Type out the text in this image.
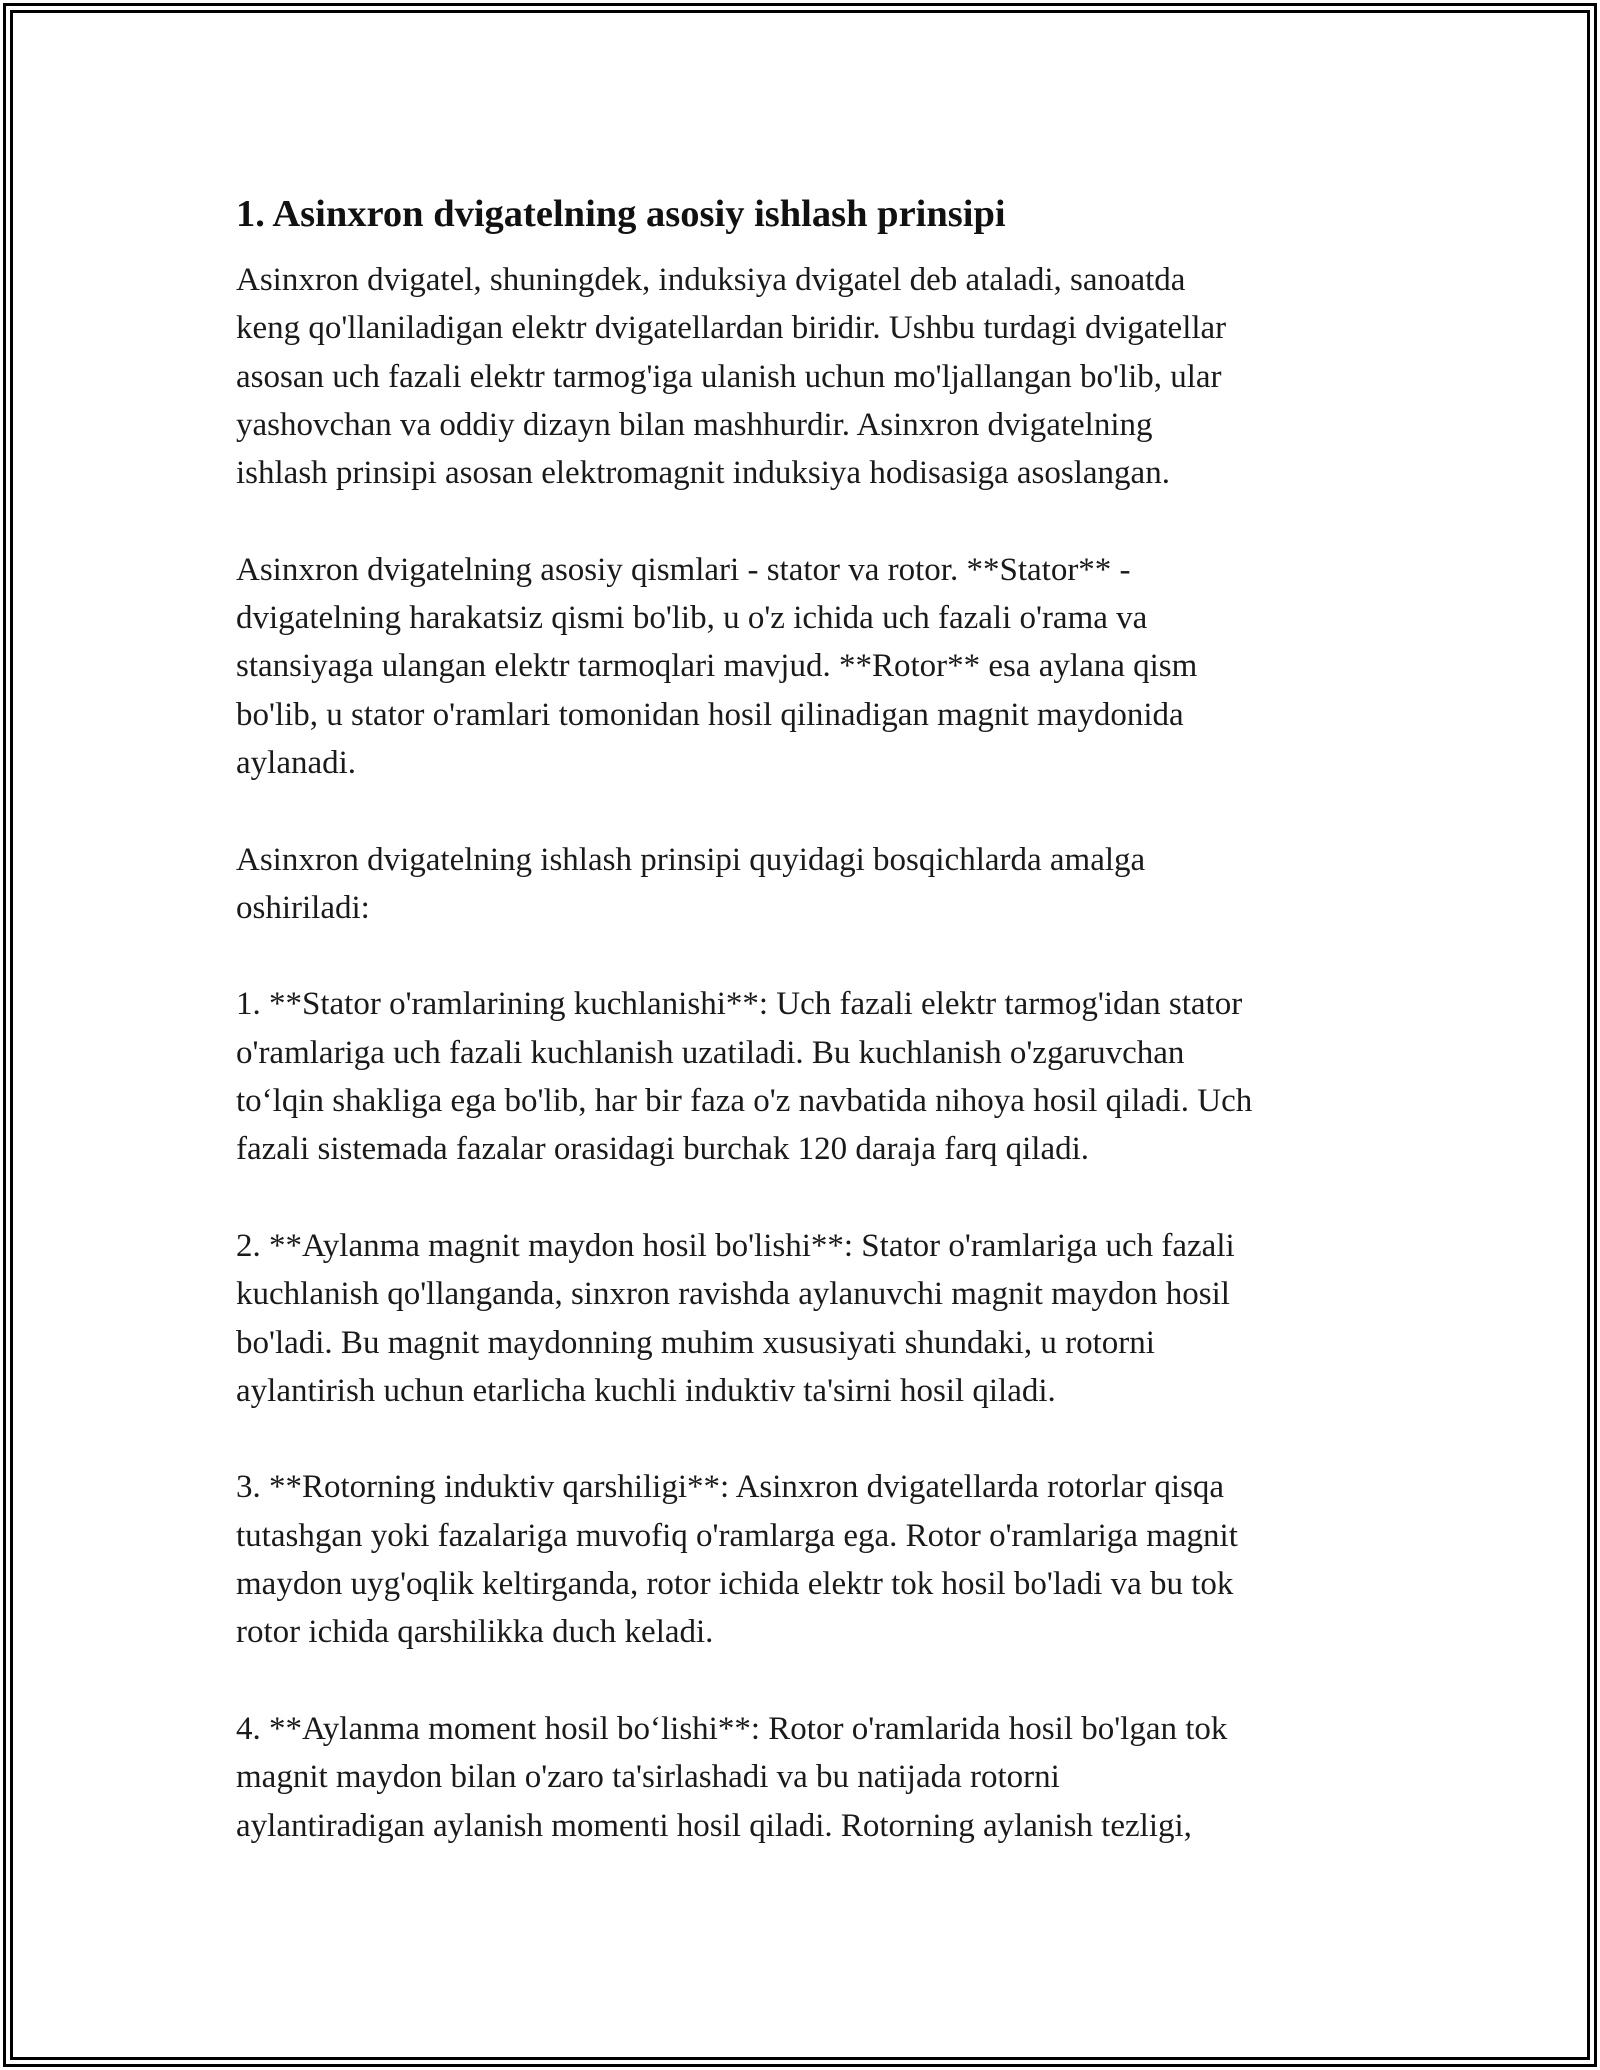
1. Asinxron dvigatelning asosiy ishlash prinsipi

Asinxron dvigatel, shuningdek, induksiya dvigatel deb ataladi, sanoatda
keng qo'llaniladigan elektr dvigatellardan biridir. Ushbu turdagi dvigatellar
asosan uch fazali elektr tarmog'iga ulanish uchun mo'ljallangan bo'lib, ular
yashovchan va oddiy dizayn bilan mashhurdir. Asinxron dvigatelning
ishlash prinsipi asosan elektromagnit induksiya hodisasiga asoslangan.

Asinxron dvigatelning asosiy qismlari - stator va rotor. **Stator** -
dvigatelning harakatsiz qismi bo'lib, u o'z ichida uch fazali o'rama va
stansiyaga ulangan elektr tarmoqlari mavjud. **Rotor** esa aylana qism
bo'lib, u stator o'ramlari tomonidan hosil qilinadigan magnit maydonida
aylanadi.

Asinxron dvigatelning ishlash prinsipi quyidagi bosqichlarda amalga
oshiriladi:

1. **Stator o'ramlarining kuchlanishi**: Uch fazali elektr tarmog'idan stator
o'ramlariga uch fazali kuchlanish uzatiladi. Bu kuchlanish o'zgaruvchan
to‘lqin shakliga ega bo'lib, har bir faza o'z navbatida nihoya hosil qiladi. Uch
fazali sistemada fazalar orasidagi burchak 120 daraja farq qiladi.

2. **Aylanma magnit maydon hosil bo'lishi**: Stator o'ramlariga uch fazali
kuchlanish qo'llanganda, sinxron ravishda aylanuvchi magnit maydon hosil
bo'ladi. Bu magnit maydonning muhim xususiyati shundaki, u rotorni
aylantirish uchun etarlicha kuchli induktiv ta'sirni hosil qiladi.

3. **Rotorning induktiv qarshiligi**: Asinxron dvigatellarda rotorlar qisqa
tutashgan yoki fazalariga muvofiq o'ramlarga ega. Rotor o'ramlariga magnit
maydon uyg'oqlik keltirganda, rotor ichida elektr tok hosil bo'ladi va bu tok
rotor ichida qarshilikka duch keladi.

4. **Aylanma moment hosil bo‘lishi**: Rotor o'ramlarida hosil bo'lgan tok
magnit maydon bilan o'zaro ta'sirlashadi va bu natijada rotorni
aylantiradigan aylanish momenti hosil qiladi. Rotorning aylanish tezligi,
